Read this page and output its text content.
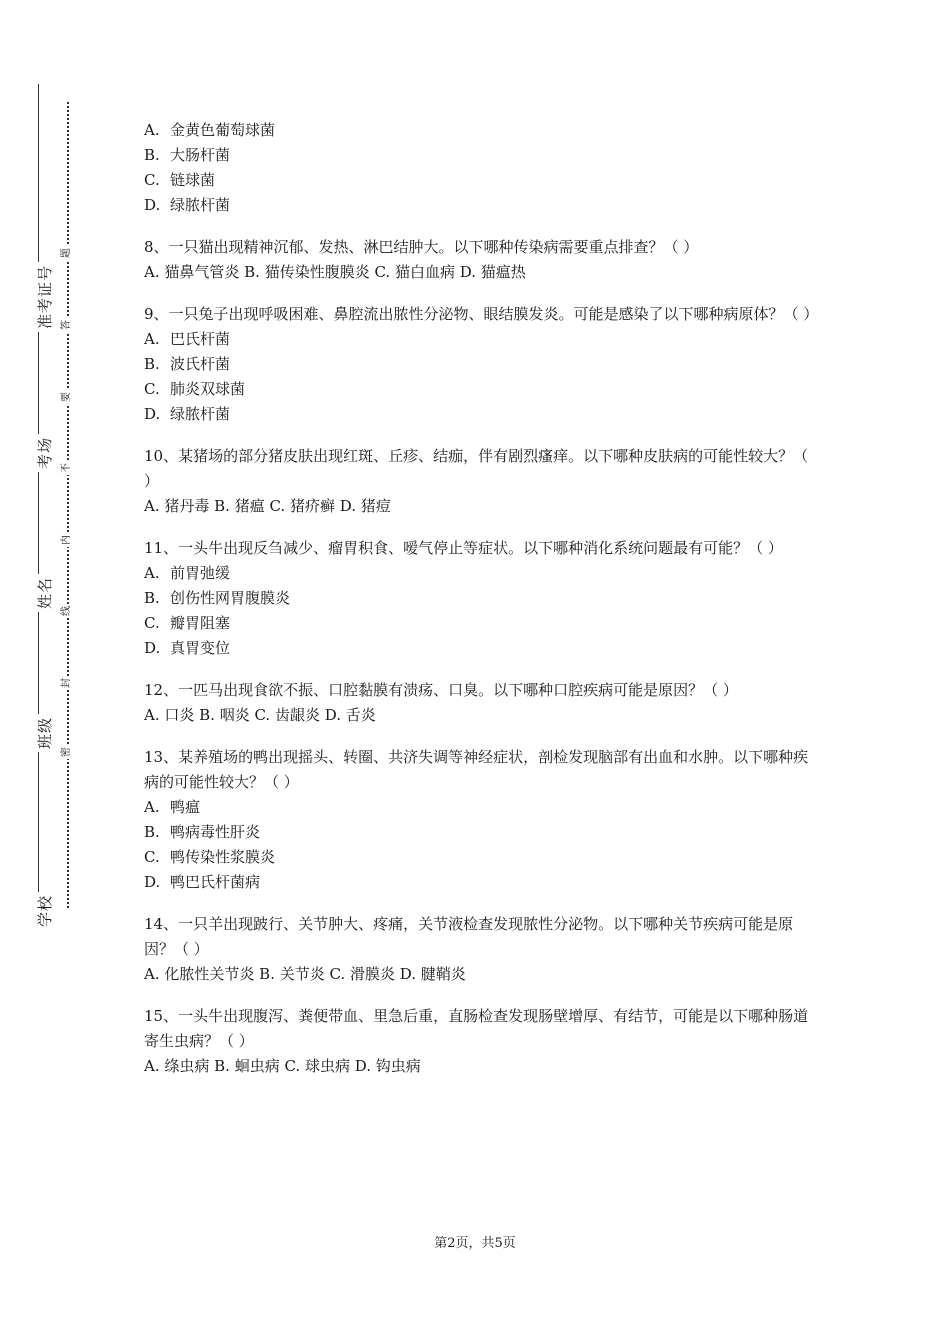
学校
班级
姓名
考场
准考证号
密
封
线
内
不
要
答
题
A. 金黄色葡萄球菌
B. 大肠杆菌
C. 链球菌
D. 绿脓杆菌
8、一只猫出现精神沉郁、发热、淋巴结肿大。以下哪种传染病需要重点排查？（ ）
A. 猫鼻气管炎 B. 猫传染性腹膜炎 C. 猫白血病 D. 猫瘟热
9、一只兔子出现呼吸困难、鼻腔流出脓性分泌物、眼结膜发炎。可能是感染了以下哪种病原体？（ ）
A. 巴氏杆菌
B. 波氏杆菌
C. 肺炎双球菌
D. 绿脓杆菌
10、某猪场的部分猪皮肤出现红斑、丘疹、结痂，伴有剧烈瘙痒。以下哪种皮肤病的可能性较大？（ ）
A. 猪丹毒 B. 猪瘟 C. 猪疥癣 D. 猪痘
11、一头牛出现反刍减少、瘤胃积食、嗳气停止等症状。以下哪种消化系统问题最有可能？（ ）
A. 前胃弛缓
B. 创伤性网胃腹膜炎
C. 瓣胃阻塞
D. 真胃变位
12、一匹马出现食欲不振、口腔黏膜有溃疡、口臭。以下哪种口腔疾病可能是原因？（ ）
A. 口炎 B. 咽炎 C. 齿龈炎 D. 舌炎
13、某养殖场的鸭出现摇头、转圈、共济失调等神经症状，剖检发现脑部有出血和水肿。以下哪种疾病的可能性较大？（ ）
A. 鸭瘟
B. 鸭病毒性肝炎
C. 鸭传染性浆膜炎
D. 鸭巴氏杆菌病
14、一只羊出现跛行、关节肿大、疼痛，关节液检查发现脓性分泌物。以下哪种关节疾病可能是原因？（ ）
A. 化脓性关节炎 B. 关节炎 C. 滑膜炎 D. 腱鞘炎
15、一头牛出现腹泻、粪便带血、里急后重，直肠检查发现肠壁增厚、有结节，可能是以下哪种肠道寄生虫病？（ ）
A. 绦虫病 B. 蛔虫病 C. 球虫病 D. 钩虫病
第2页，共5页
